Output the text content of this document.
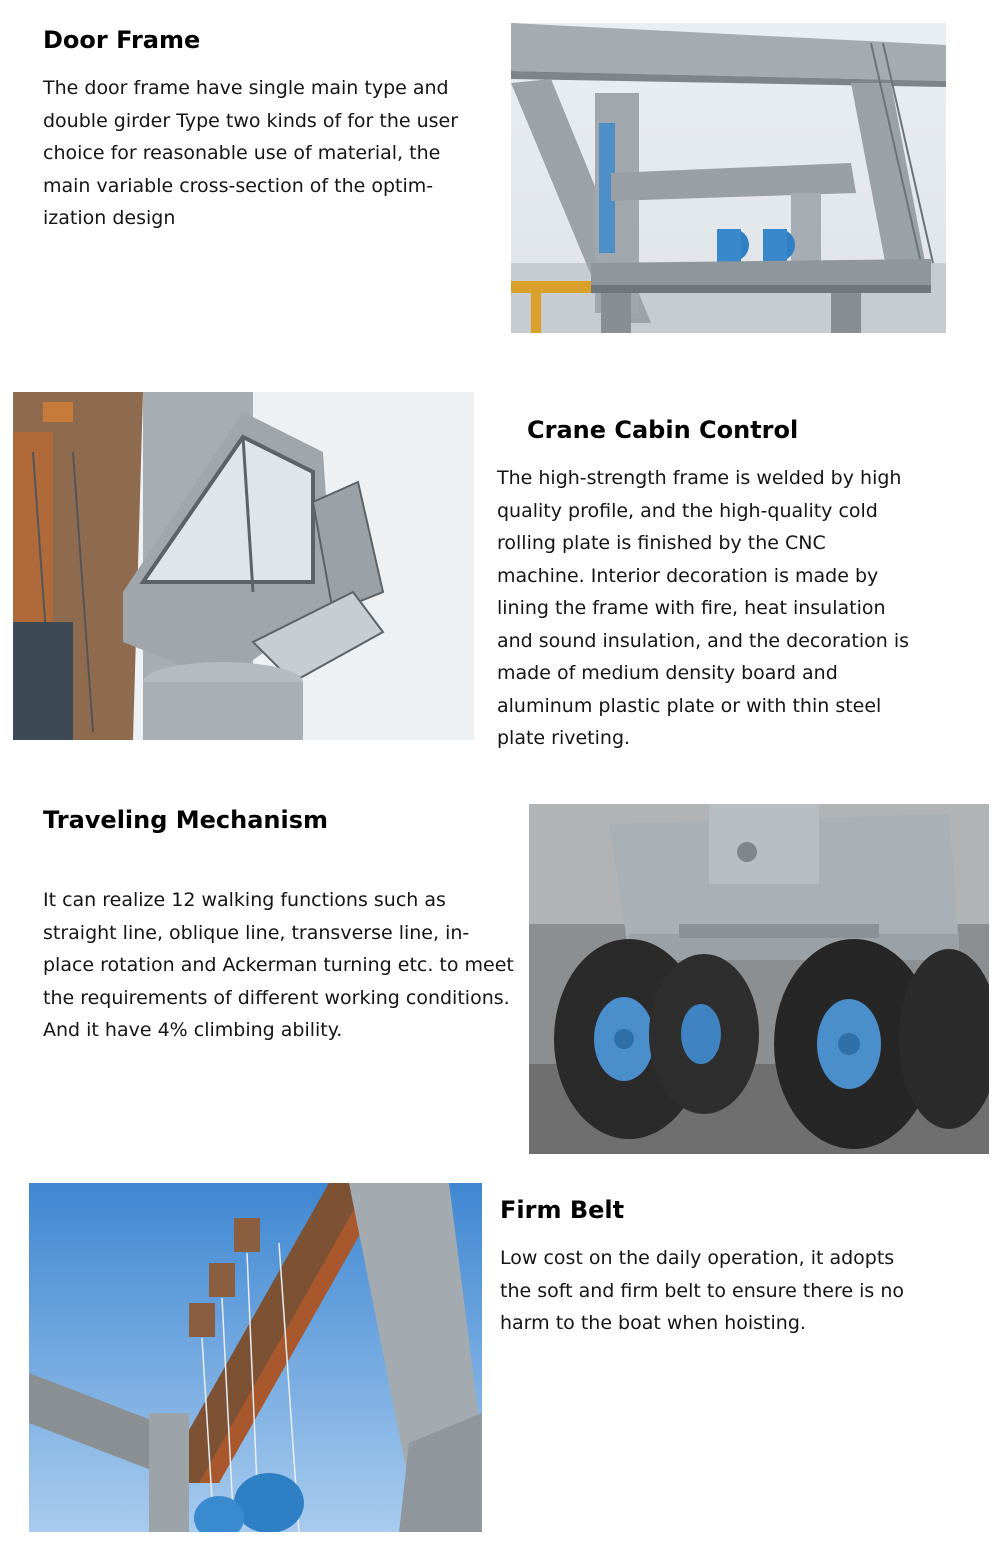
Door Frame

The door frame have single main type and double girder Type two kinds of for the user choice for reasonable use of material, the main variable cross-section of the optim- ization design

Crane Cabin Control

The high-strength frame is welded by high quality profile, and the high-quality cold rolling plate is finished by the CNC machine. Interior decoration is made by lining the frame with fire, heat insulation and sound insulation, and the decoration is made of medium density board and aluminum plastic plate or with thin steel plate riveting.

Traveling Mechanism

It can realize 12 walking functions such as straight line, oblique line, transverse line, in-place rotation and Ackerman turning etc. to meet the requirements of different working conditions. And it have 4% climbing ability.

Firm Belt

Low cost on the daily operation, it adopts the soft and firm belt to ensure there is no harm to the boat when hoisting.
